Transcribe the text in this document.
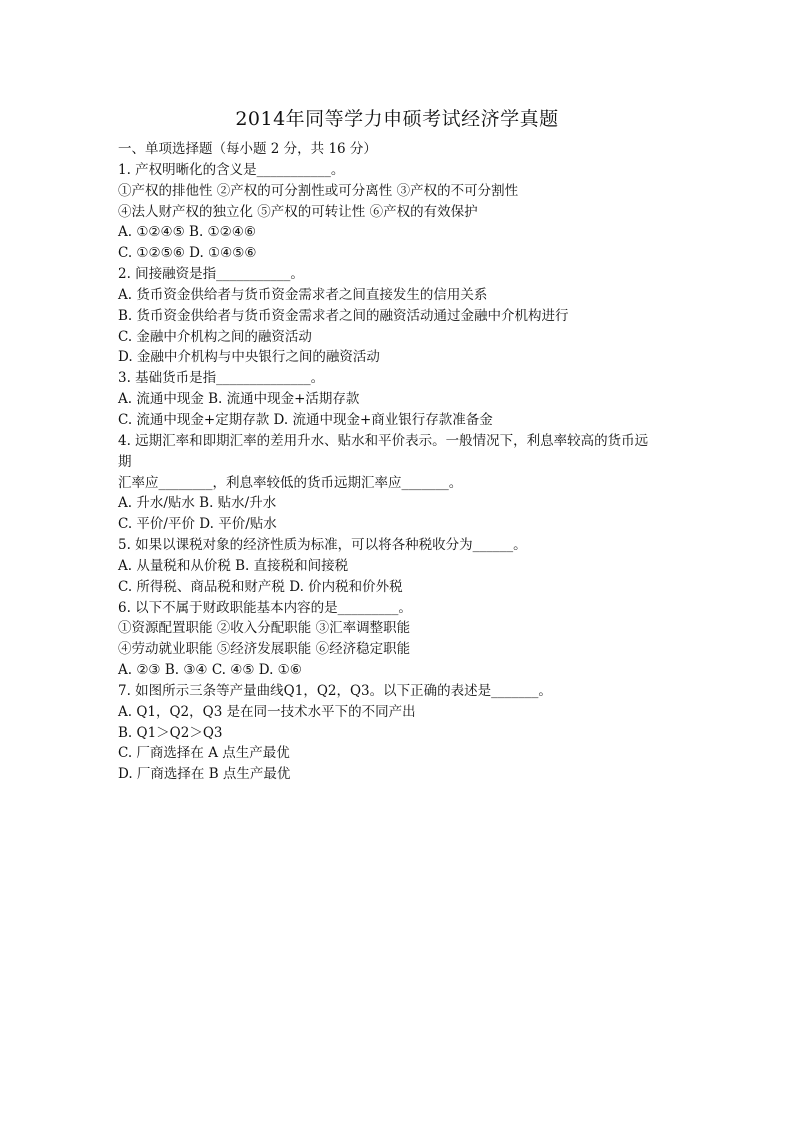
2014年同等学力申硕考试经济学真题
一、单项选择题（每小题 2 分，共 16 分）
1. 产权明晰化的含义是___________。
①产权的排他性 ②产权的可分割性或可分离性 ③产权的不可分割性
④法人财产权的独立化 ⑤产权的可转让性 ⑥产权的有效保护
A. ①②④⑤ B. ①②④⑥
C. ①②⑤⑥ D. ①④⑤⑥
2. 间接融资是指___________。
A. 货币资金供给者与货币资金需求者之间直接发生的信用关系
B. 货币资金供给者与货币资金需求者之间的融资活动通过金融中介机构进行
C. 金融中介机构之间的融资活动
D. 金融中介机构与中央银行之间的融资活动
3. 基础货币是指______________。
A. 流通中现金 B. 流通中现金+活期存款
C. 流通中现金+定期存款 D. 流通中现金+商业银行存款准备金
4. 远期汇率和即期汇率的差用升水、贴水和平价表示。一般情况下，利息率较高的货币远
期
汇率应________，利息率较低的货币远期汇率应_______。
A. 升水/贴水 B. 贴水/升水
C. 平价/平价 D. 平价/贴水
5. 如果以课税对象的经济性质为标准，可以将各种税收分为______。
A. 从量税和从价税 B. 直接税和间接税
C. 所得税、商品税和财产税 D. 价内税和价外税
6. 以下不属于财政职能基本内容的是_________。
①资源配置职能 ②收入分配职能 ③汇率调整职能
④劳动就业职能 ⑤经济发展职能 ⑥经济稳定职能
A. ②③ B. ③④ C. ④⑤ D. ①⑥
7. 如图所示三条等产量曲线Q1，Q2，Q3。以下正确的表述是_______。
A. Q1，Q2，Q3 是在同一技术水平下的不同产出
B. Q1＞Q2＞Q3
C. 厂商选择在 A 点生产最优
D. 厂商选择在 B 点生产最优
